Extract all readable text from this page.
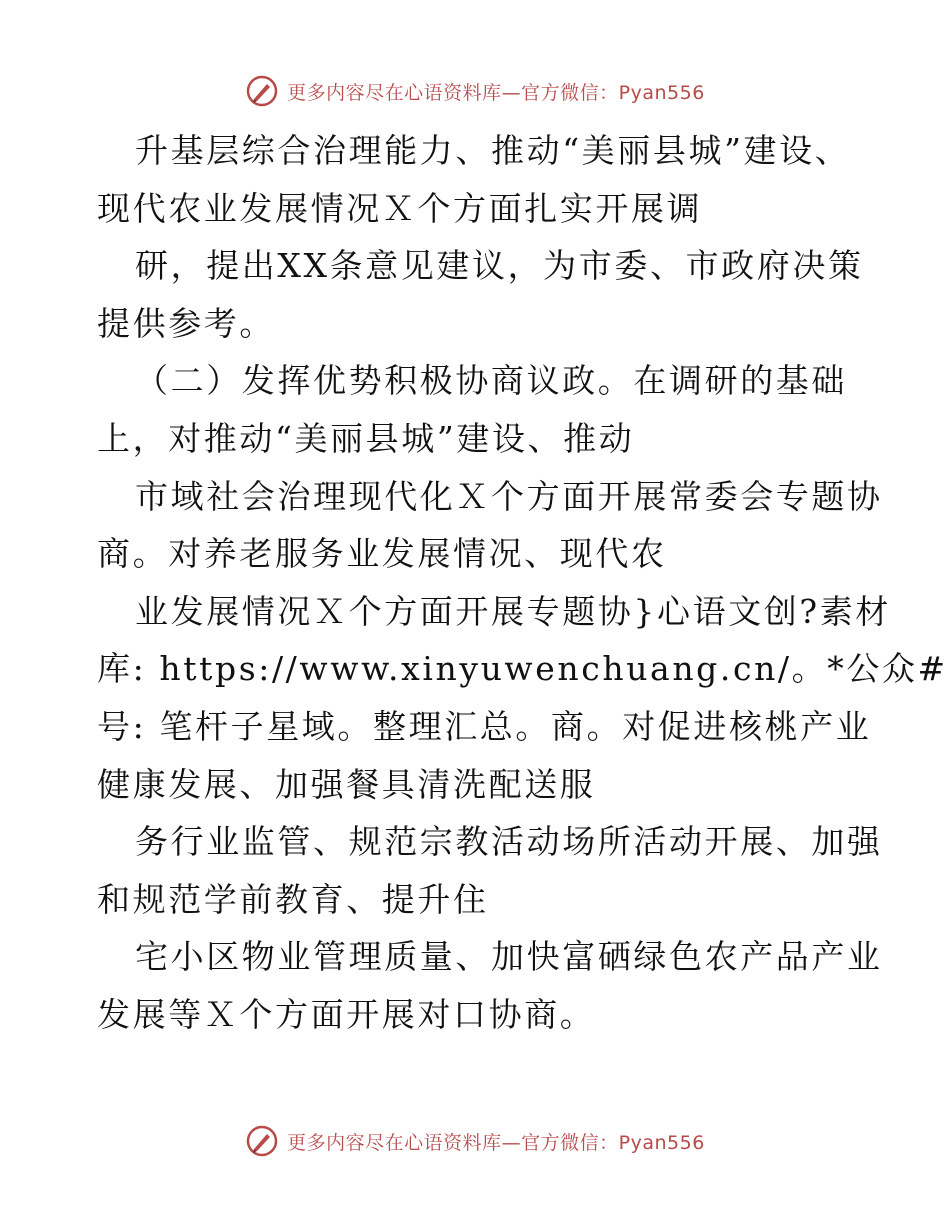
更多内容尽在心语资料库—官方微信：Pyan556
升基层综合治理能力、推动“美丽县城”建设、
现代农业发展情况Ｘ个方面扎实开展调
研，提出XX条意见建议，为市委、市政府决策
提供参考。
（二）发挥优势积极协商议政。在调研的基础
上，对推动“美丽县城”建设、推动
市域社会治理现代化Ｘ个方面开展常委会专题协
商。对养老服务业发展情况、现代农
业发展情况Ｘ个方面开展专题协}心语文创?素材
库: https://www.xinyuwenchuang.cn/。*公众#
号: 笔杆子星域。整理汇总。商。对促进核桃产业
健康发展、加强餐具清洗配送服
务行业监管、规范宗教活动场所活动开展、加强
和规范学前教育、提升住
宅小区物业管理质量、加快富硒绿色农产品产业
发展等Ｘ个方面开展对口协商。
更多内容尽在心语资料库—官方微信：Pyan556
